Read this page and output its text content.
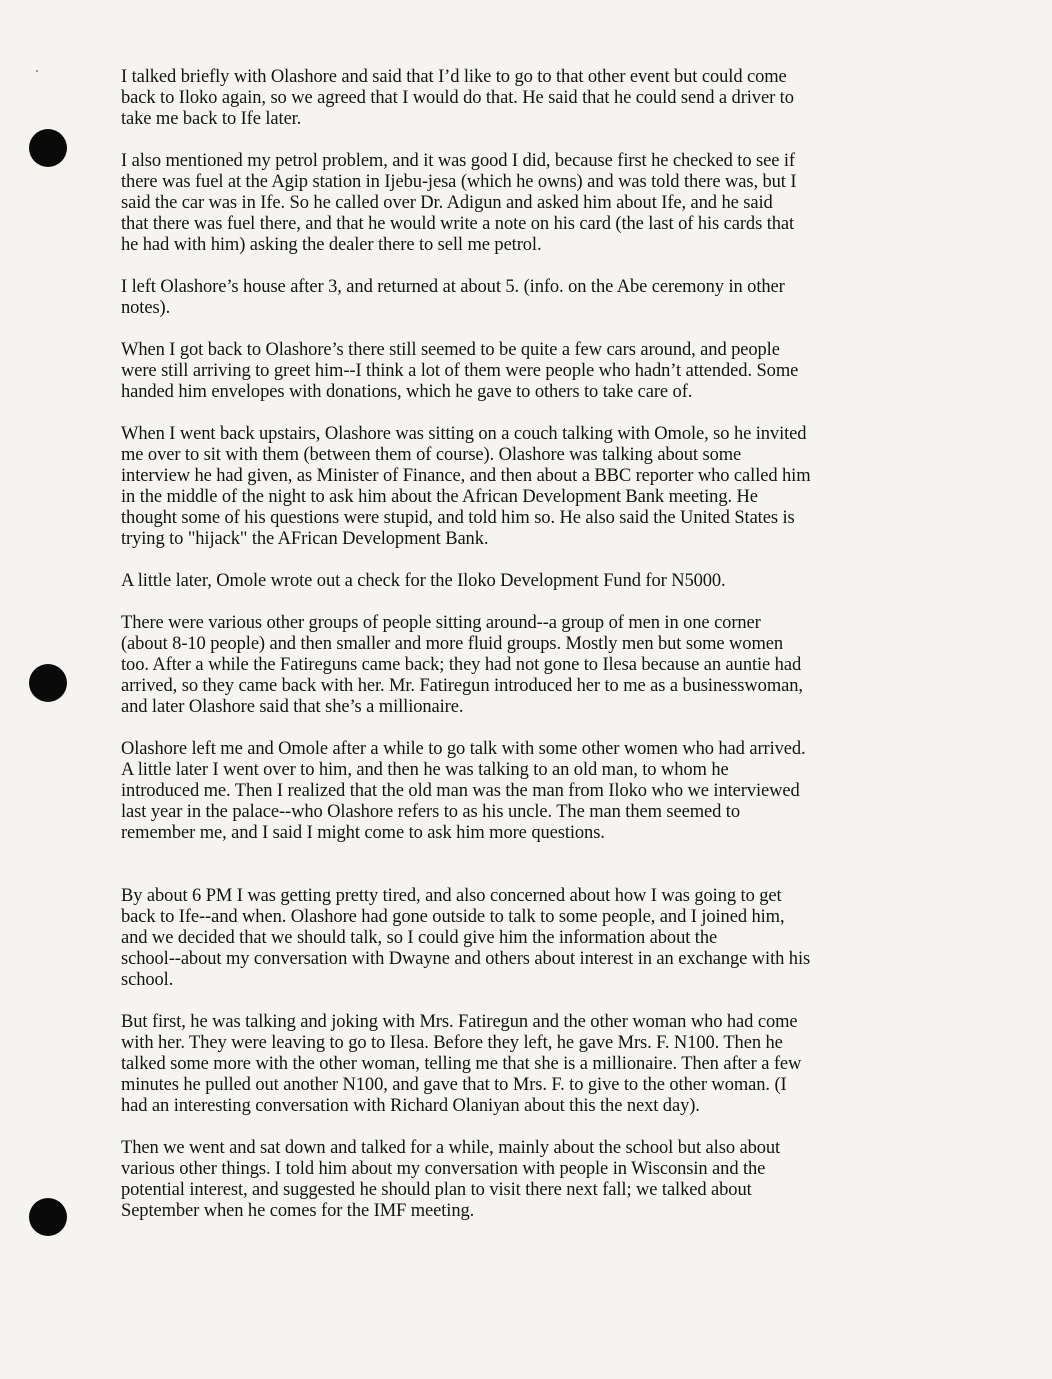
I talked briefly with Olashore and said that I’d like to go to that other event but could come
back to Iloko again, so we agreed that I would do that. He said that he could send a driver to
take me back to Ife later.

I also mentioned my petrol problem, and it was good I did, because first he checked to see if
there was fuel at the Agip station in Ijebu-jesa (which he owns) and was told there was, but I
said the car was in Ife. So he called over Dr. Adigun and asked him about Ife, and he said
that there was fuel there, and that he would write a note on his card (the last of his cards that
he had with him) asking the dealer there to sell me petrol.

I left Olashore’s house after 3, and returned at about 5. (info. on the Abe ceremony in other
notes).

When I got back to Olashore’s there still seemed to be quite a few cars around, and people
were still arriving to greet him--I think a lot of them were people who hadn’t attended. Some
handed him envelopes with donations, which he gave to others to take care of.

When I went back upstairs, Olashore was sitting on a couch talking with Omole, so he invited
me over to sit with them (between them of course). Olashore was talking about some
interview he had given, as Minister of Finance, and then about a BBC reporter who called him
in the middle of the night to ask him about the African Development Bank meeting. He
thought some of his questions were stupid, and told him so. He also said the United States is
trying to "hijack" the AFrican Development Bank.

A little later, Omole wrote out a check for the Iloko Development Fund for N5000.

There were various other groups of people sitting around--a group of men in one corner
(about 8-10 people) and then smaller and more fluid groups. Mostly men but some women
too. After a while the Fatireguns came back; they had not gone to Ilesa because an auntie had
arrived, so they came back with her. Mr. Fatiregun introduced her to me as a businesswoman,
and later Olashore said that she’s a millionaire.

Olashore left me and Omole after a while to go talk with some other women who had arrived.
A little later I went over to him, and then he was talking to an old man, to whom he
introduced me. Then I realized that the old man was the man from Iloko who we interviewed
last year in the palace--who Olashore refers to as his uncle. The man them seemed to
remember me, and I said I might come to ask him more questions.

By about 6 PM I was getting pretty tired, and also concerned about how I was going to get
back to Ife--and when. Olashore had gone outside to talk to some people, and I joined him,
and we decided that we should talk, so I could give him the information about the
school--about my conversation with Dwayne and others about interest in an exchange with his
school.

But first, he was talking and joking with Mrs. Fatiregun and the other woman who had come
with her. They were leaving to go to Ilesa. Before they left, he gave Mrs. F. N100. Then he
talked some more with the other woman, telling me that she is a millionaire. Then after a few
minutes he pulled out another N100, and gave that to Mrs. F. to give to the other woman. (I
had an interesting conversation with Richard Olaniyan about this the next day).

Then we went and sat down and talked for a while, mainly about the school but also about
various other things. I told him about my conversation with people in Wisconsin and the
potential interest, and suggested he should plan to visit there next fall; we talked about
September when he comes for the IMF meeting.
